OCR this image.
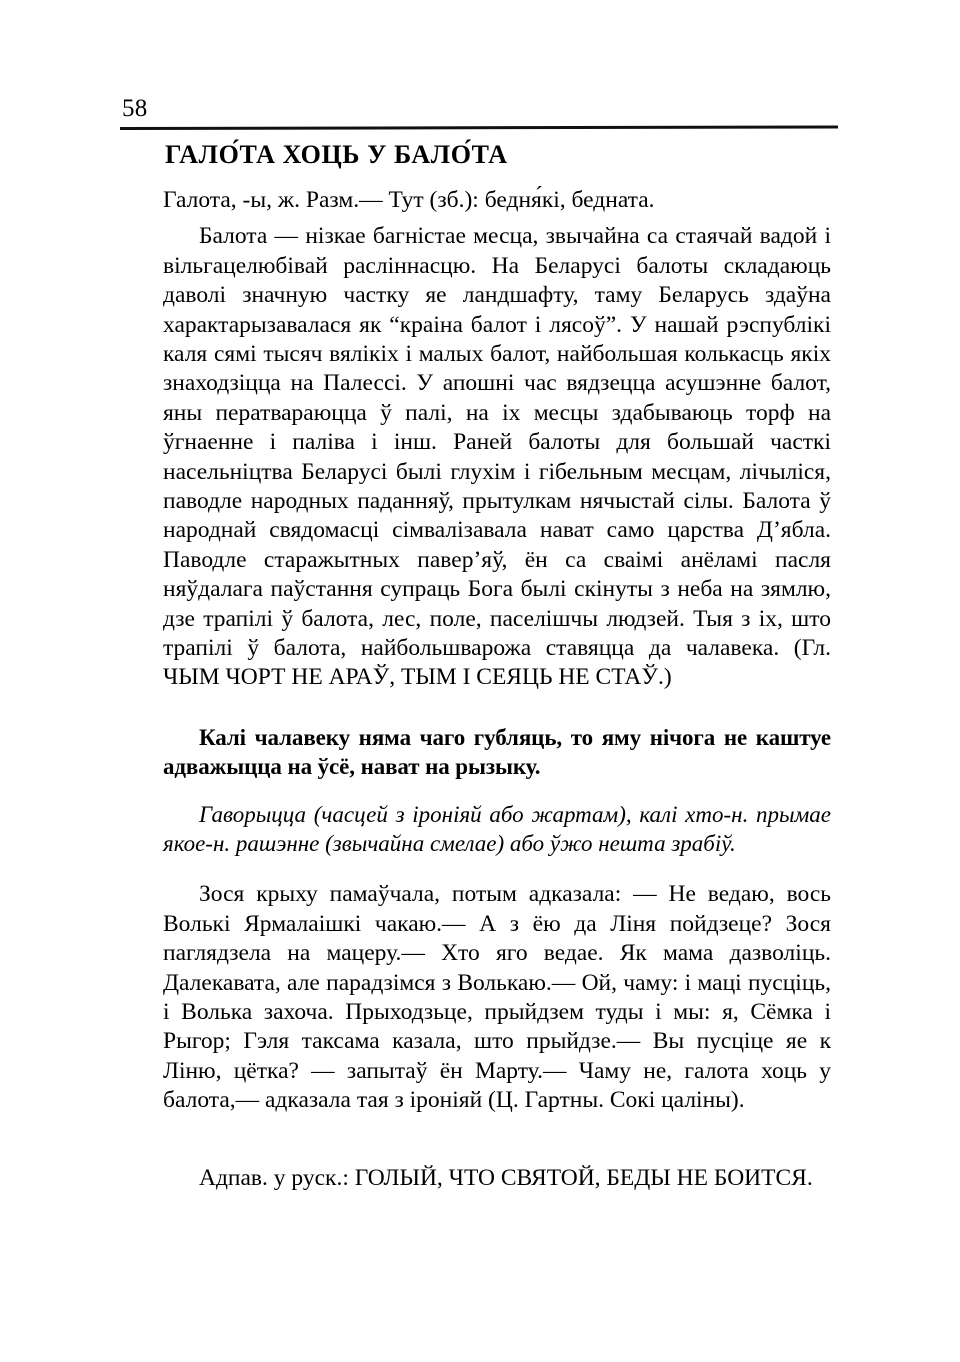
58
ГАЛО́ТА ХОЦЬ У БАЛО́ТА

Галота, -ы, ж. Разм.— Тут (зб.): бедня́кі, бедната.

Балота — нізкае багністае месца, звычайна са стаячай вадой і вільгацелюбівай расліннасцю. На Беларусі балоты складаюць даволі значную частку яе ландшафту, таму Беларусь здаўна характарызавалася як “краіна балот і лясоў”. У нашай рэспублікі каля сямі тысяч вялікіх і малых балот, найбольшая колькасць якіх знаходзіцца на Палессі. У апошні час вядзецца асушэнне балот, яны ператвараюцца ў палі, на іх месцы здабываюць торф на ўгнаенне і паліва і інш. Раней балоты для большай часткі насельніцтва Беларусі былі глухім і гібельным месцам, лічыліся, паводле народных паданняў, прытулкам нячыстай сілы. Балота ў народнай свядомасці сімвалізавала нават само царства Д’ябла. Паводле старажытных павер’яў, ён са сваімі анёламі пасля няўдалага паўстання супраць Бога былі скінуты з неба на зямлю, дзе трапілі ў балота, лес, поле, паселішчы людзей. Тыя з іх, што трапілі ў балота, найбольшварожа ставяцца да чалавека. (Гл. ЧЫМ ЧОРТ НЕ АРАЎ, ТЫМ І СЕЯЦЬ НЕ СТАЎ.)

Калі чалавеку няма чаго губляць, то яму нічога не каштуе адважыцца на ўсё, нават на рызыку.

Гаворыцца (часцей з іроніяй або жартам), калі хто-н. прымае якое-н. рашэнне (звычайна смелае) або ўжо нешта зрабіў.

Зося крыху памаўчала, потым адказала: — Не ведаю, вось Волькі Ярмалаішкі чакаю.— А з ёю да Ліня пойдзеце? Зося паглядзела на мацеру.— Хто яго ведае. Як мама дазволіць. Далекавата, але парадзімся з Волькаю.— Ой, чаму: і маці пусціць, і Волька захоча. Прыходзьце, прыйдзем туды і мы: я, Сёмка і Рыгор; Гэля таксама казала, што прыйдзе.— Вы пусціце яе к Ліню, цётка? — запытаў ён Марту.— Чаму не, галота хоць у балота,— адказала тая з іроніяй (Ц. Гартны. Сокі цаліны).

Адпав. у руск.: ГОЛЫЙ, ЧТО СВЯТОЙ, БЕДЫ НЕ БОИТСЯ.
